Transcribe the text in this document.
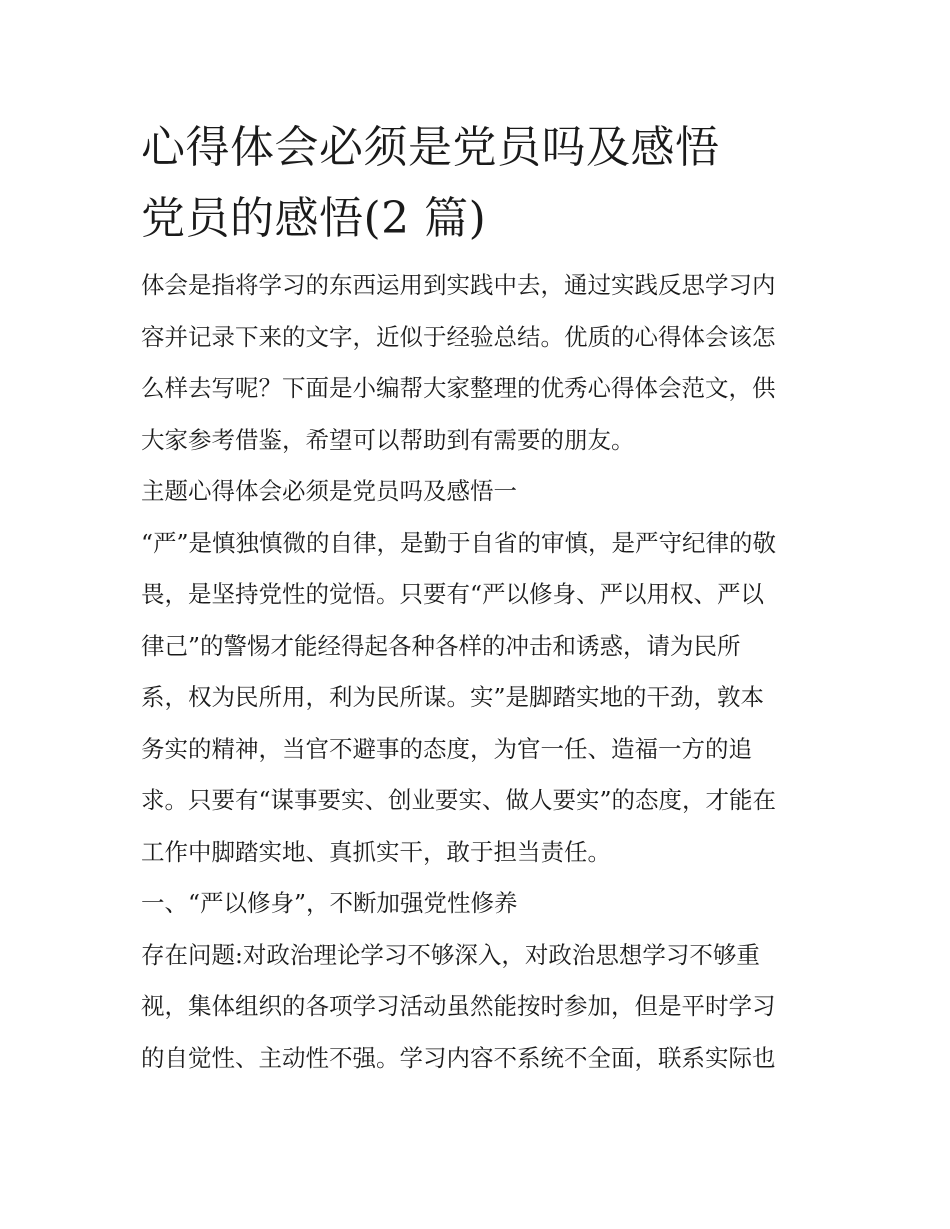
心得体会必须是党员吗及感悟
党员的感悟(2 篇)

体会是指将学习的东西运用到实践中去，通过实践反思学习内
容并记录下来的文字，近似于经验总结。优质的心得体会该怎
么样去写呢？下面是小编帮大家整理的优秀心得体会范文，供
大家参考借鉴，希望可以帮助到有需要的朋友。

主题心得体会必须是党员吗及感悟一

“严”是慎独慎微的自律，是勤于自省的审慎，是严守纪律的敬
畏，是坚持党性的觉悟。只要有“严以修身、严以用权、严以
律己”的警惕才能经得起各种各样的冲击和诱惑，请为民所
系，权为民所用，利为民所谋。实”是脚踏实地的干劲，敦本
务实的精神，当官不避事的态度，为官一任、造福一方的追
求。只要有“谋事要实、创业要实、做人要实”的态度，才能在
工作中脚踏实地、真抓实干，敢于担当责任。

一、“严以修身”，不断加强党性修养

存在问题:对政治理论学习不够深入，对政治思想学习不够重
视，集体组织的各项学习活动虽然能按时参加，但是平时学习
的自觉性、主动性不强。学习内容不系统不全面，联系实际也
